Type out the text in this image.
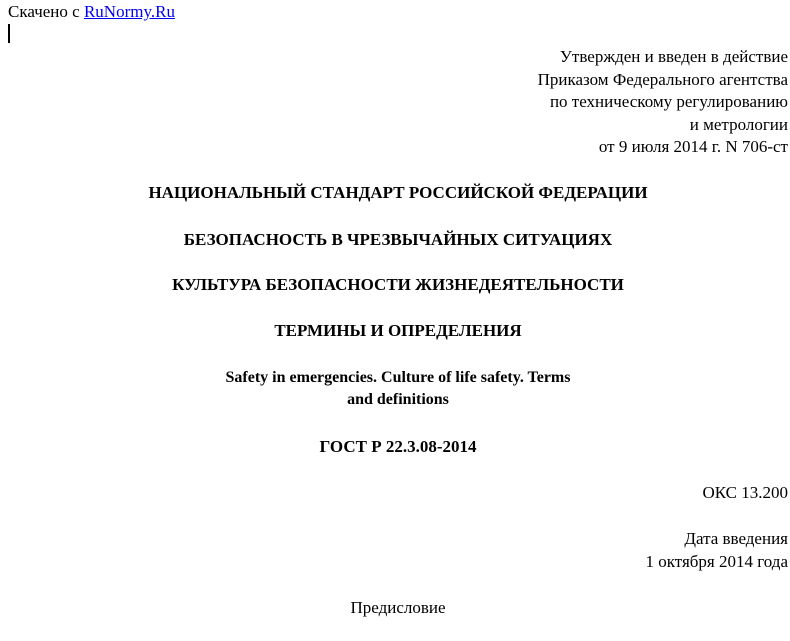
Скачено с RuNormy.Ru
Утвержден и введен в действие
Приказом Федерального агентства
по техническому регулированию
и метрологии
от 9 июля 2014 г. N 706-ст
НАЦИОНАЛЬНЫЙ СТАНДАРТ РОССИЙСКОЙ ФЕДЕРАЦИИ
БЕЗОПАСНОСТЬ В ЧРЕЗВЫЧАЙНЫХ СИТУАЦИЯХ
КУЛЬТУРА БЕЗОПАСНОСТИ ЖИЗНЕДЕЯТЕЛЬНОСТИ
ТЕРМИНЫ И ОПРЕДЕЛЕНИЯ
Safety in emergencies. Culture of life safety. Terms
and definitions
ГОСТ Р 22.3.08-2014
ОКС 13.200
Дата введения
1 октября 2014 года
Предисловие
